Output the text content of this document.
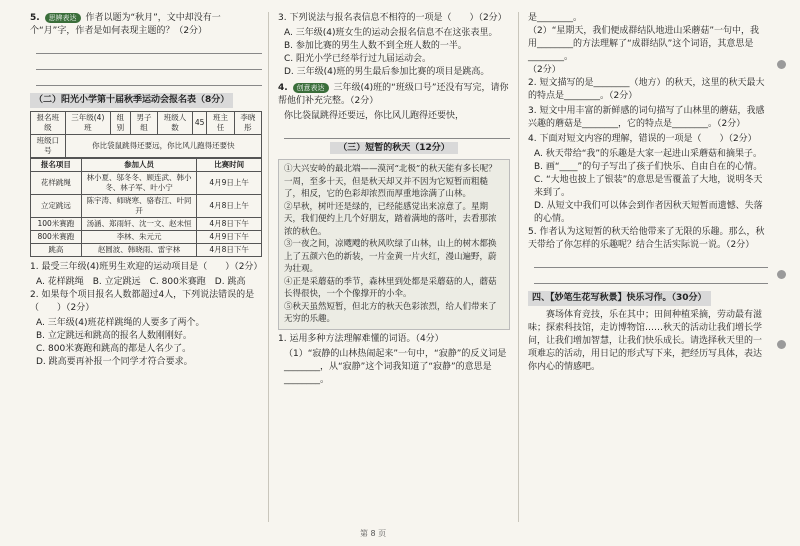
5. 思辨表达 作者以题为“秋月”，文中却没有一个“月”字，作者是如何表现主题的？（2分）

（二）阳光小学第十届秋季运动会报名表（8分）
报名班级	三年级(4)班	组别	男子组	班级人数	45	班主任	李晓彤
班级口号	你比袋鼠跳得还要远，你比风儿跑得还要快						
报名项目	参加人员	比赛时间
花样跳绳	林小夏、邬冬冬、顾连武、韩小冬、林子军、叶小宁	4月9日上午
立定跳远	陈宇涛、师晓寒、骆春江、叶同开	4月8日上午
100米赛跑	汤涵、郑雨轩、沈一文、赵未恒	4月8日下午
800米赛跑	李林、朱元元	4月9日下午
跳高	赵圆波、韩晓雨、雷宇林	4月8日下午

1. 最受三年级(4)班男生欢迎的运动项目是（　　）（2分）

A. 花样跳绳　B. 立定跳远　C. 800米赛跑　D. 跳高

2. 如果每个项目报名人数都超过4人，下列说法错误的是（　　）（2分）

A. 三年级(4)班花样跳绳的人要多了两个。

B. 立定跳远和跳高的报名人数刚刚好。

C. 800米赛跑和跳高的都是人名少了。

D. 跳高要再补报一个同学才符合要求。

3. 下列说法与报名表信息不相符的一项是（　　）（2分）

A. 三年级(4)班女生的运动会报名信息不在这张表里。

B. 参加比赛的男生人数不到全班人数的一半。

C. 阳光小学已经举行过九届运动会。

D. 三年级(4)班的男生最后参加比赛的项目是跳高。

4. 创意表达 三年级(4)班的“班级口号”还没有写完，请你帮他们补充完整。（2分）

你比袋鼠跳得还要远，你比风儿跑得还要快，

（三）短暂的秋天（12分）

①大兴安岭的最北端——漠河“北极”的秋天能有多长呢？一周，至多十天，但是秋天却又并不因为它短暂而粗糙了，相反，它的色彩却浓烈而厚重地涂满了山林。

②早秋，树叶还是绿的，已经能感觉出来凉意了。星期天，我们便约上几个好朋友，踏着满地的落叶，去看那浓浓的秋色。

③一夜之间，凉飕飕的秋风吹绿了山林，山上的树木都换上了五颜六色的新装，一片金黄一片火红，漫山遍野，蔚为壮观。

④正是采蘑菇的季节，森林里到处都是采蘑菇的人，蘑菇长得很快，一个个像撑开的小伞。

⑤秋天虽然短暂，但北方的秋天色彩浓烈，给人们带来了无穷的乐趣。

1. 运用多种方法理解难懂的词语。（4分）

（1）“寂静的山林热闹起来”一句中，“寂静”的反义词是________，从“寂静”这个词我知道了“寂静”的意思是________。

是________。

（2）“星期天，我们便成群结队地进山采蘑菇”一句中，我用________的方法理解了“成群结队”这个词语，其意思是________。

（2分）

2. 短文描写的是________（地方）的秋天，这里的秋天最大的特点是________。（2分）

3. 短文中用丰富的新鲜感的词句描写了山林里的蘑菇，我感兴趣的蘑菇是________，它的特点是________。（2分）

4. 下面对短文内容的理解，错误的一项是（　　）（2分）

A. 秋天带给“我”的乐趣是大家一起进山采蘑菇和摘果子。

B. 画“____”的句子写出了孩子们快乐、自由自在的心情。

C. “大地也披上了银装”的意思是雪覆盖了大地，说明冬天来到了。

D. 从短文中我们可以体会到作者因秋天短暂而遗憾、失落的心情。

5. 作者认为这短暂的秋天给他带来了无限的乐趣。那么，秋天带给了你怎样的乐趣呢？结合生活实际说一说。（2分）

四、【妙笔生花写秋景】快乐习作。（30分）

赛场体育竞技，乐在其中；田间种植采摘，劳动最有滋味；探索科技馆，走访博物馆……秋天的活动让我们增长学问，让我们增加智慧，让我们快乐成长。请选择秋天里的一项难忘的活动，用日记的形式写下来，把经历写具体，表达你内心的情感吧。

第 8 页
